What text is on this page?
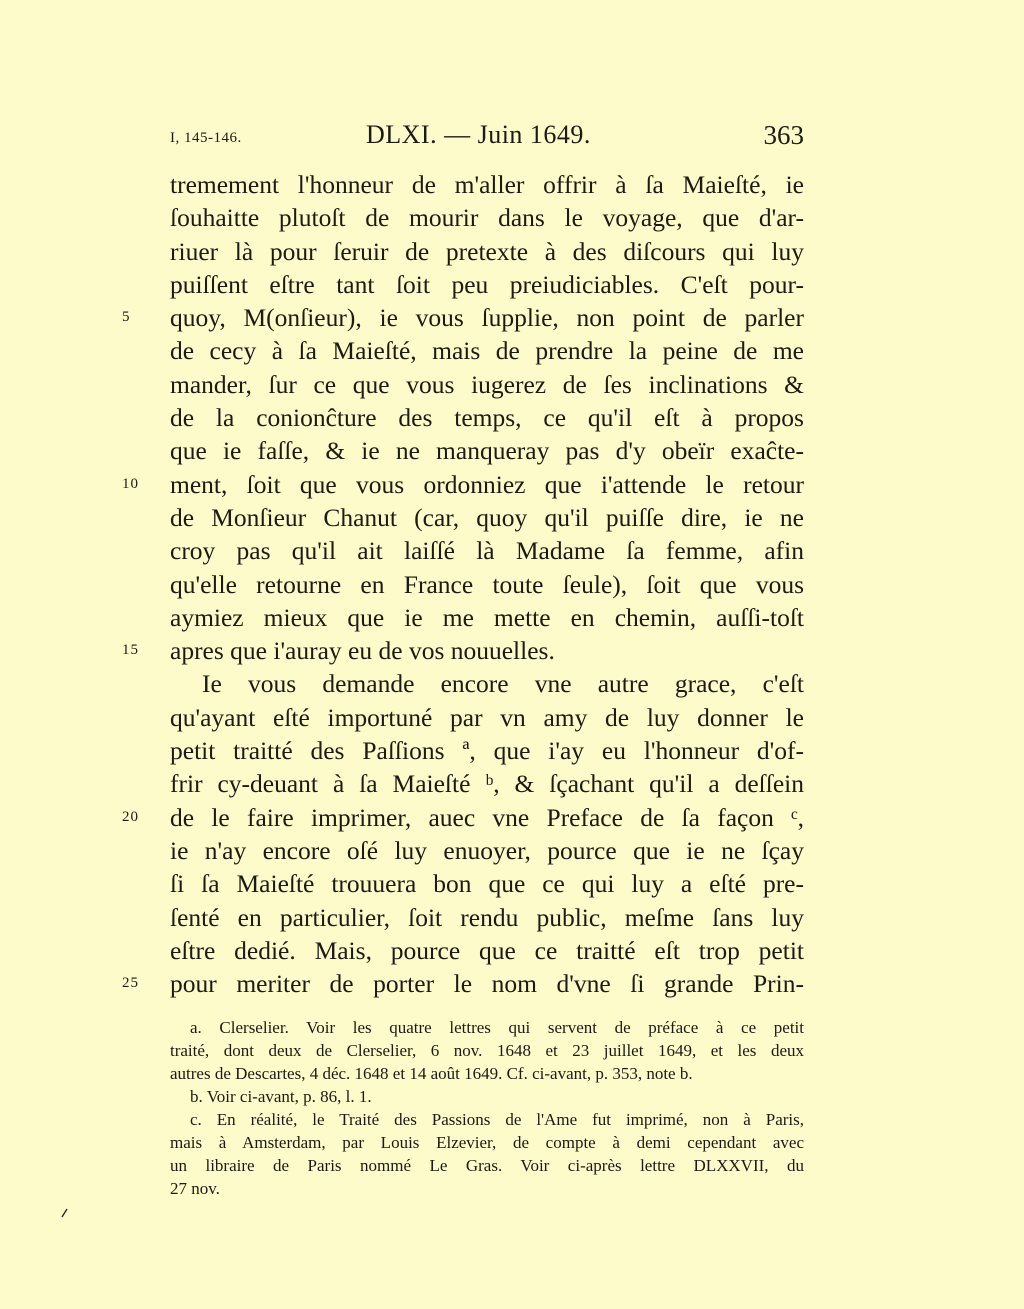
I, 145-146.	DLXI. — Juin 1649.	363
tremement l'honneur de m'aller offrir à ſa Maieſté, ie
ſouhaitte plutoſt de mourir dans le voyage, que d'ar-
riuer là pour ſeruir de pretexte à des diſcours qui luy
puiſſent eſtre tant ſoit peu preiudiciables. C'eſt pour-
quoy, M(onſieur), ie vous ſupplie, non point de parler
5
de cecy à ſa Maieſté, mais de prendre la peine de me
mander, ſur ce que vous iugerez de ſes inclinations &
de la conionĉture des temps, ce qu'il eſt à propos
que ie faſſe, & ie ne manqueray pas d'y obeïr exaĉte-
ment, ſoit que vous ordonniez que i'attende le retour
10
de Monſieur Chanut (car, quoy qu'il puiſſe dire, ie ne
croy pas qu'il ait laiſſé là Madame ſa femme, afin
qu'elle retourne en France toute ſeule), ſoit que vous
aymiez mieux que ie me mette en chemin, auſſi-toſt
apres que i'auray eu de vos nouuelles.
15
Ie vous demande encore vne autre grace, c'eſt
qu'ayant eſté importuné par vn amy de luy donner le
petit traitté des Paſſions ª, que i'ay eu l'honneur d'of-
frir cy-deuant à ſa Maieſté ᵇ, & ſçachant qu'il a deſſein
de le faire imprimer, auec vne Preface de ſa façon ᶜ,
20
ie n'ay encore oſé luy enuoyer, pource que ie ne ſçay
ſi ſa Maieſté trouuera bon que ce qui luy a eſté pre-
ſenté en particulier, ſoit rendu public, meſme ſans luy
eſtre dedié. Mais, pource que ce traitté eſt trop petit
pour meriter de porter le nom d'vne ſi grande Prin-
25
a. Clerselier. Voir les quatre lettres qui servent de préface à ce petit
traité, dont deux de Clerselier, 6 nov. 1648 et 23 juillet 1649, et les deux
autres de Descartes, 4 déc. 1648 et 14 août 1649. Cf. ci-avant, p. 353, note b.
b. Voir ci-avant, p. 86, l. 1.
c. En réalité, le Traité des Passions de l'Ame fut imprimé, non à Paris,
mais à Amsterdam, par Louis Elzevier, de compte à demi cependant avec
un libraire de Paris nommé Le Gras. Voir ci-après lettre DLXXVII, du
27 nov.
